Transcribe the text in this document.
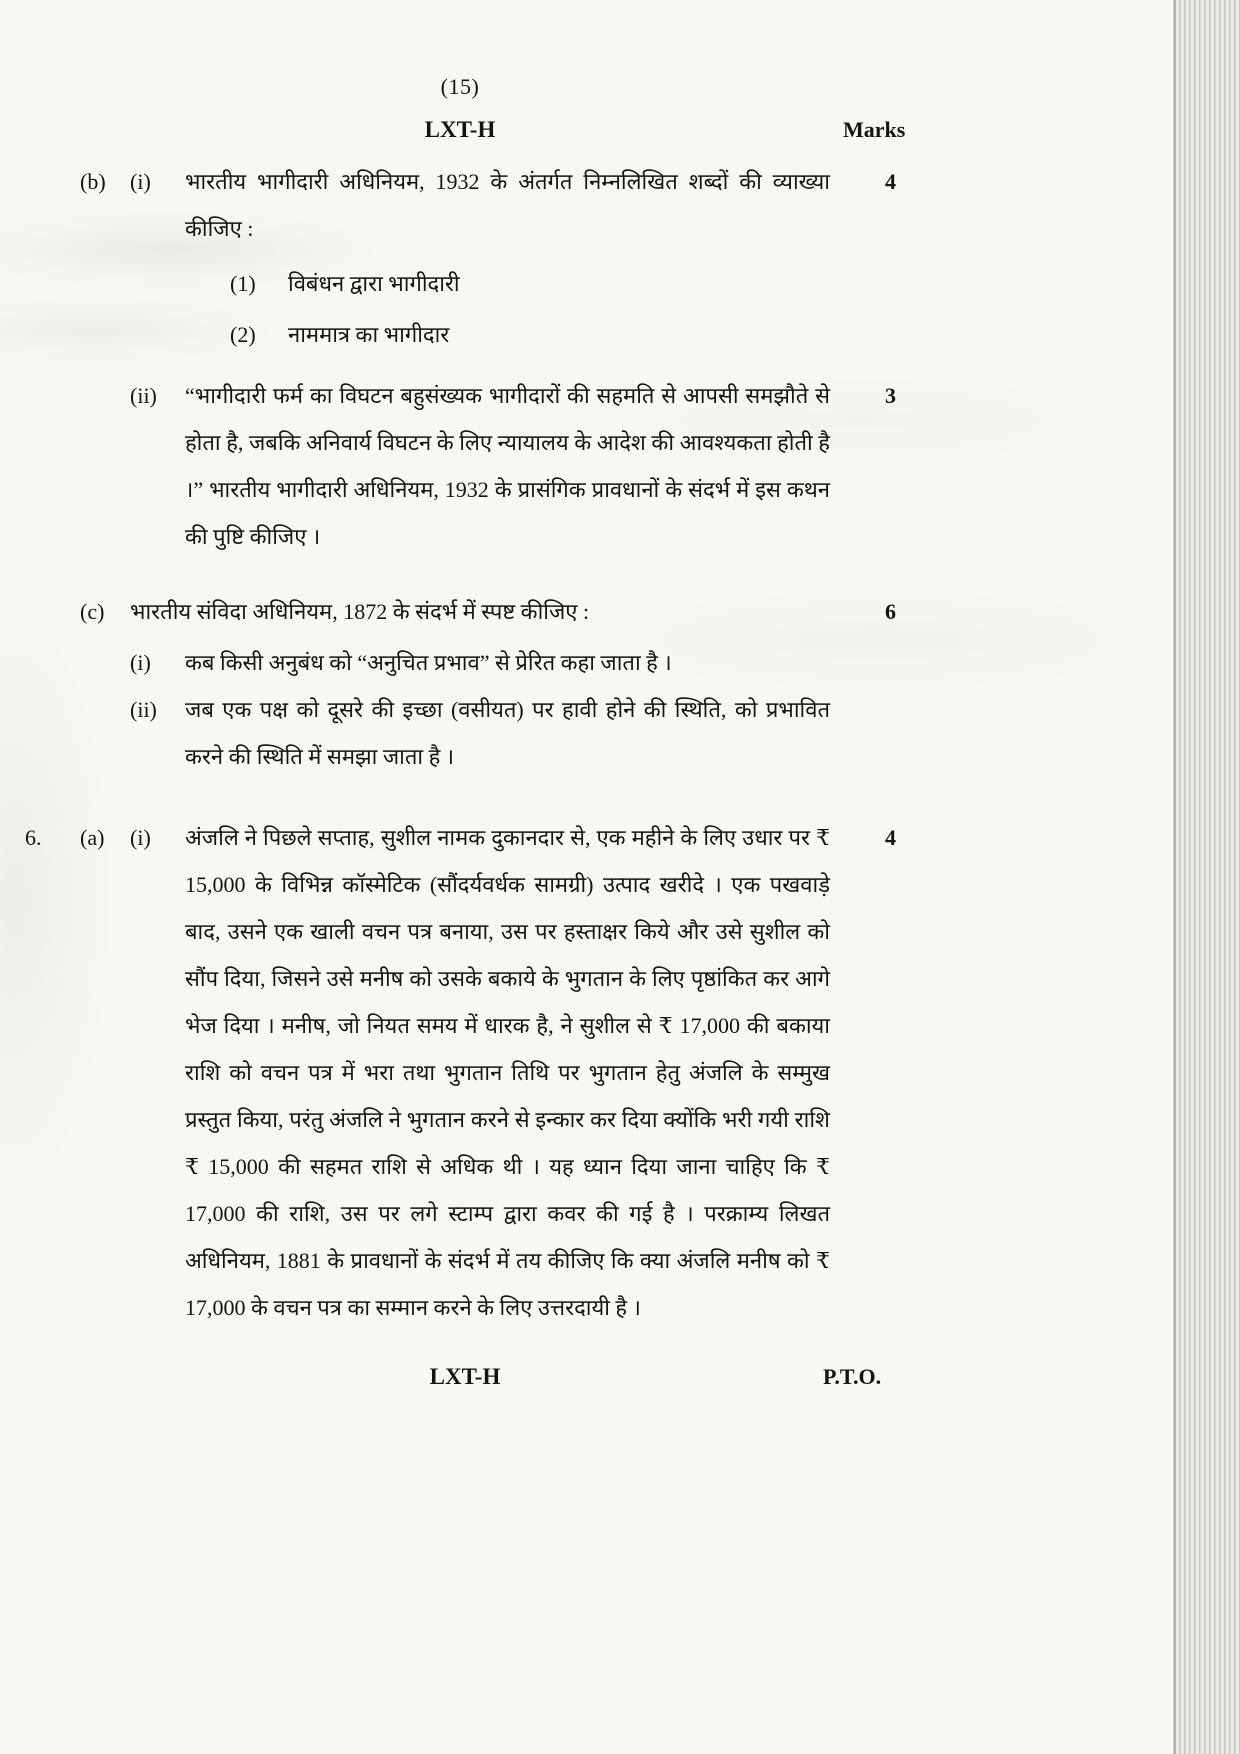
(15)
LXT-H	Marks
(b)	(i)	भारतीय भागीदारी अधिनियम, 1932 के अंतर्गत निम्नलिखित शब्दों की व्याख्या कीजिए :
4
(1) विबंधन द्वारा भागीदारी
(2) नाममात्र का भागीदार
(ii)	“भागीदारी फर्म का विघटन बहुसंख्यक भागीदारों की सहमति से आपसी समझौते से होता है, जबकि अनिवार्य विघटन के लिए न्यायालय के आदेश की आवश्यकता होती है ।” भारतीय भागीदारी अधिनियम, 1932 के प्रासंगिक प्रावधानों के संदर्भ में इस कथन की पुष्टि कीजिए ।
3
(c)	भारतीय संविदा अधिनियम, 1872 के संदर्भ में स्पष्ट कीजिए :	6
(i)	कब किसी अनुबंध को “अनुचित प्रभाव” से प्रेरित कहा जाता है ।
(ii)	जब एक पक्ष को दूसरे की इच्छा (वसीयत) पर हावी होने की स्थिति, को प्रभावित करने की स्थिति में समझा जाता है ।
6.	(a)	(i)	अंजलि ने पिछले सप्ताह, सुशील नामक दुकानदार से, एक महीने के लिए उधार पर ₹ 15,000 के विभिन्न कॉस्मेटिक (सौंदर्यवर्धक सामग्री) उत्पाद खरीदे । एक पखवाड़े बाद, उसने एक खाली वचन पत्र बनाया, उस पर हस्ताक्षर किये और उसे सुशील को सौंप दिया, जिसने उसे मनीष को उसके बकाये के भुगतान के लिए पृष्ठांकित कर आगे भेज दिया । मनीष, जो नियत समय में धारक है, ने सुशील से ₹ 17,000 की बकाया राशि को वचन पत्र में भरा तथा भुगतान तिथि पर भुगतान हेतु अंजलि के सम्मुख प्रस्तुत किया, परंतु अंजलि ने भुगतान करने से इन्कार कर दिया क्योंकि भरी गयी राशि ₹ 15,000 की सहमत राशि से अधिक थी । यह ध्यान दिया जाना चाहिए कि ₹ 17,000 की राशि, उस पर लगे स्टाम्प द्वारा कवर की गई है । परक्राम्य लिखत अधिनियम, 1881 के प्रावधानों के संदर्भ में तय कीजिए कि क्या अंजलि मनीष को ₹ 17,000 के वचन पत्र का सम्मान करने के लिए उत्तरदायी है ।
4
LXT-H	P.T.O.
